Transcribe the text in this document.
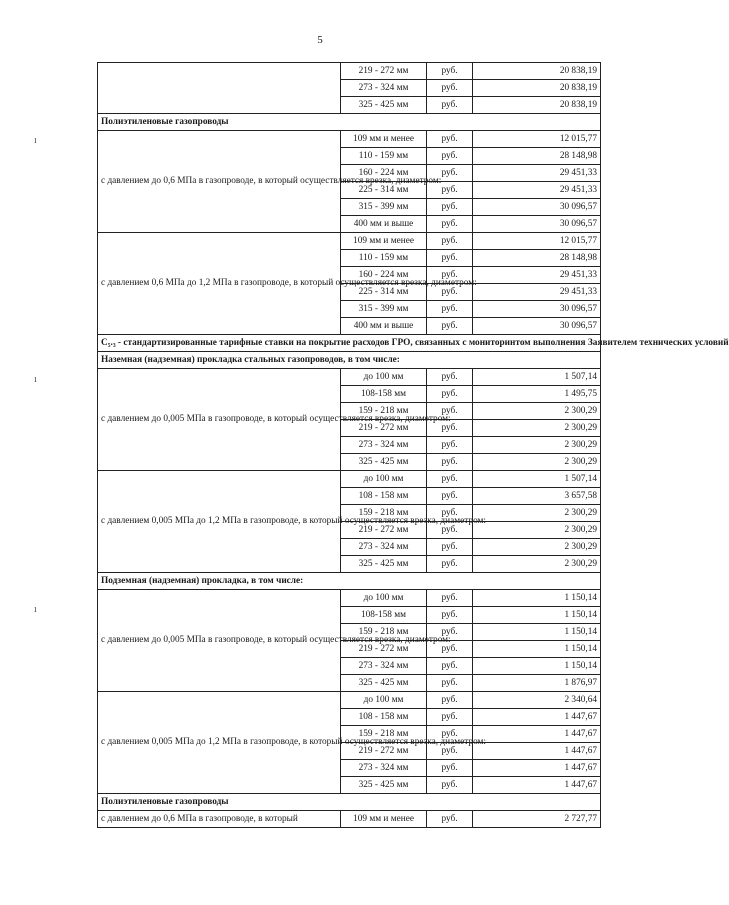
5
ı
ı
ı
	219 - 272 мм	руб.	20 838,19
	273 - 324 мм	руб.	20 838,19
	325 - 425 мм	руб.	20 838,19
Полиэтиленовые газопроводы			
с давлением до 0,6 МПа в газопроводе, в который осуществляется врезка, диаметром:	109 мм и менее	руб.	12 015,77
	110 - 159 мм	руб.	28 148,98
	160 - 224 мм	руб.	29 451,33
	225 - 314 мм	руб.	29 451,33
	315 - 399 мм	руб.	30 096,57
	400 мм и выше	руб.	30 096,57
с давлением 0,6 МПа до 1,2 МПа в газопроводе, в который осуществляется врезка, диаметром:	109 мм и менее	руб.	12 015,77
	110 - 159 мм	руб.	28 148,98
	160 - 224 мм	руб.	29 451,33
	225 - 314 мм	руб.	29 451,33
	315 - 399 мм	руб.	30 096,57
	400 мм и выше	руб.	30 096,57
С₅.₃ - стандартизированные тарифные ставки на покрытие расходов ГРО, связанных с мониторинтом выполнения Заявителем технических условий			
Наземная (надземная) прокладка стальных газопроводов, в том числе:			
с давлением до 0,005 МПа в газопроводе, в который осуществляется врезка, диаметром:	до 100 мм	руб.	1 507,14
	108-158 мм	руб.	1 495,75
	159 - 218 мм	руб.	2 300,29
	219 - 272 мм	руб.	2 300,29
	273 - 324 мм	руб.	2 300,29
	325 - 425 мм	руб.	2 300,29
с давлением 0,005 МПа до 1,2 МПа в газопроводе, в который осуществляется врезка, диаметром:	до 100 мм	руб.	1 507,14
	108 - 158 мм	руб.	3 657,58
	159 - 218 мм	руб.	2 300,29
	219 - 272 мм	руб.	2 300,29
	273 - 324 мм	руб.	2 300,29
	325 - 425 мм	руб.	2 300,29
Подземная (надземная) прокладка, в том числе:			
с давлением до 0,005 МПа в газопроводе, в который осуществляется врезка, диаметром:	до 100 мм	руб.	1 150,14
	108-158 мм	руб.	1 150,14
	159 - 218 мм	руб.	1 150,14
	219 - 272 мм	руб.	1 150,14
	273 - 324 мм	руб.	1 150,14
	325 - 425 мм	руб.	1 876,97
с давлением 0,005 МПа до 1,2 МПа в газопроводе, в который осуществляется врезка, диаметром:	до 100 мм	руб.	2 340,64
	108 - 158 мм	руб.	1 447,67
	159 - 218 мм	руб.	1 447,67
	219 - 272 мм	руб.	1 447,67
	273 - 324 мм	руб.	1 447,67
	325 - 425 мм	руб.	1 447,67
Полиэтиленовые газопроводы			
с давлением до 0,6 МПа в газопроводе, в который	109 мм и менее	руб.	2 727,77
